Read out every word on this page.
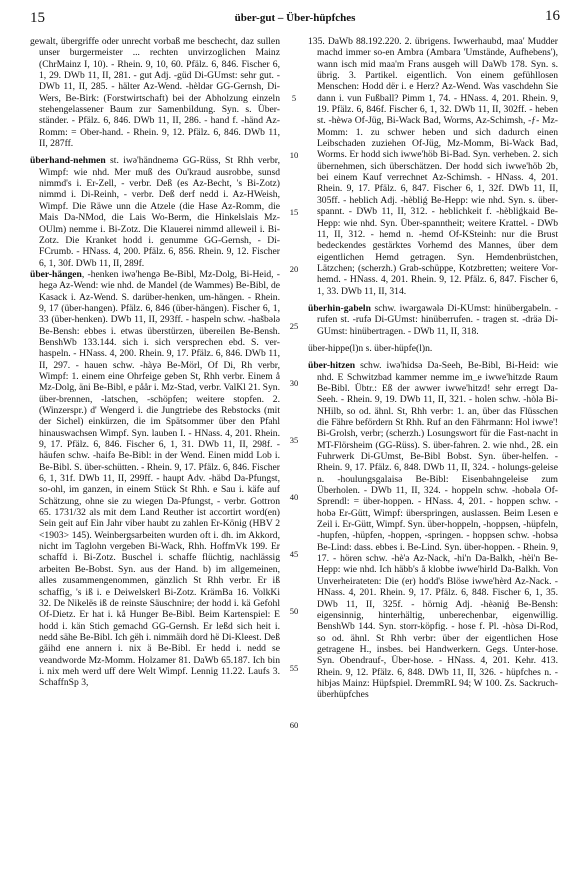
15	über-gut – Über-hüpfches	16
5
10
15
20
25
30
35
40
45
50
55
60

gewalt, übergriffe oder unrecht vorbaß me beschecht, daz sullen unser burgermeister ... rechten unvirzoglichen Mainz (ChrMainz I, 10). - Rhein. 9, 10, 60. Pfälz. 6, 846. Fischer 6, 1, 29. DWb 11, II, 281. - gut Adj. -güd Di-GUmst: sehr gut. - DWb 11, II, 285. - hälter Az-Wend. -hèldǝr GG-Gernsh, Di-Wers, Be-Birk: (Forstwirtschaft) bei der Abholzung einzeln stehengelassener Baum zur Samenbildung. Syn. s. Über-ständer. - Pfälz. 6, 846. DWb 11, II, 286. - hand f. -händ Az-Romm: = Ober-hand. - Rhein. 9, 12. Pfälz. 6, 846. DWb 11, II, 287ff.

überhand-nehmen st. iwǝ'händnemǝ GG-Rüss, St Rhh verbr, Wimpf: wie nhd. Mer muß des Ou'kraud ausrobbe, sunsd nimmd's i. Er-Zell, - verbr. Deß (es Az-Becht, 's Bi-Zotz) nimmd i. Di-Reinh, - verbr. Deß derf nedd i. Az-HWeish, Wimpf. Die Räwe unn die Atzele (die Hase Az-Romm, die Mais Da-NMod, die Lais Wo-Berm, die Hinkelslais Mz-OUlm) nemme i. Bi-Zotz. Die Klauerei nimmd alleweil i. Bi-Zotz. Die Kranket hodd i. genumme GG-Gernsh, - Di-FCrumb. - HNass. 4, 200. Pfälz. 6, 856. Rhein. 9, 12. Fischer 6, 1, 30f. DWb 11, II, 289f.

über-hängen, -henken iwǝ'hengǝ Be-Bibl, Mz-Dolg, Bi-Heid, -hegǝ Az-Wend: wie nhd. de Mandel (de Wammes) Be-Bibl, de Kasack i. Az-Wend. S. darüber-henken, um-hängen. - Rhein. 9, 17 (über-hangen). Pfälz. 6, 846 (über-hängen). Fischer 6, 1, 33 (über-henken). DWb 11, II, 293ff. - haspeln schw. -hašbǝlǝ Be-Bensh: ebbes i. etwas überstürzen, übereilen Be-Bensh. BenshWb 133.144. sich i. sich versprechen ebd. S. ver-haspeln. - HNass. 4, 200. Rhein. 9, 17. Pfälz. 6, 846. DWb 11, II, 297. - hauen schw. -hàyǝ Be-Mörl, Of Di, Rh verbr, Wimpf: 1. einem eine Ohrfeige geben St, Rhh verbr. Einem å Mz-Dolg, äni Be-Bibl, e påår i. Mz-Stad, verbr. ValKl 21. Syn. über-brennen, -latschen, -schöpfen; weitere stopfen. 2. (Winzerspr.) d' Wengerd i. die Jungtriebe des Rebstocks (mit der Sichel) einkürzen, die im Spätsommer über den Pfahl hinauswachsen Wimpf. Syn. lauben I. - HNass. 4, 201. Rhein. 9, 17. Pfälz. 6, 846. Fischer 6, 1, 31. DWb 11, II, 298f. - häufen schw. -haifǝ Be-Bibl: in der Wend. Einen midd Lob i. Be-Bibl. S. über-schütten. - Rhein. 9, 17. Pfälz. 6, 846. Fischer 6, 1, 31f. DWb 11, II, 299ff. - haupt Adv. -häbd Da-Pfungst, so-ohl, im ganzen, in einem Stück St Rhh. e Sau i. käfe auf Schätzung, ohne sie zu wiegen Da-Pfungst, - verbr. Gottron 65. 1731/32 als mit dem Land Reuther ist accortirt word(en) Sein geit auf Ein Jahr viber haubt zu zahlen Er-König (HBV 2 <1903> 145). Weinbergsarbeiten wurden oft i. dh. im Akkord, nicht im Taglohn vergeben Bi-Wack, Rhh. HoffmVk 199. Er schaffd i. Bi-Zotz. Buschel i. schaffe flüchtig, nachlässig arbeiten Be-Bobst. Syn. aus der Hand. b) im allgemeinen, alles zusammengenommen, gänzlich St Rhh verbr. Er iß schaffig, 's iß i. e Deiwelskerl Bi-Zotz. KrämBa 16. VolkKi 32. De Nikelës iß de reinste Säuschnire; der hodd i. kä Gefohl Of-Dietz. Er hat i. kå Hunger Be-Bibl. Beim Kartenspiel: E hodd i. kän Stich gemachd GG-Gernsh. Er leßd sich heit i. nedd sähe Be-Bibl. Ich gëh i. nimmäih dord hë Di-Kleest. Deß gäihd ene annern i. nix ä Be-Bibl. Er hedd i. nedd se veandworde Mz-Momm. Holzamer 81. DaWb 65.187. Ich bin i. nix meh werd uff dere Welt Wimpf. Lennig 11.22. Laufs 3. SchaffnSp 3,

135. DaWb 88.192.220. 2. übrigens. Iwwerhaubd, maa' Mudder machd immer so-en Ambra (Ambara 'Umstände, Aufhebens'), wann isch mid maa'm Frans ausgeh will DaWb 178. Syn. s. übrig. 3. Partikel. eigentlich. Von einem gefühllosen Menschen: Hodd dër i. e Herz? Az-Wend. Was vaschdehn Sie dann i. vun Fußball? Pimm 1, 74. - HNass. 4, 201. Rhein. 9, 19. Pfälz. 6, 846f. Fischer 6, 1, 32. DWb 11, II, 302ff. - heben st. -hèwǝ Of-Jüg, Bi-Wack Bad, Worms, Az-Schimsh, -ƒ- Mz-Momm: 1. zu schwer heben und sich dadurch einen Leibschaden zuziehen Of-Jüg, Mz-Momm, Bi-Wack Bad, Worms. Er hodd sich iwwe'höb Bi-Bad. Syn. verheben. 2. sich übernehmen, sich überschätzen. Der hodd sich iwwe'höb 2b, bei einem Kauf verrechnet Az-Schimsh. - HNass. 4, 201. Rhein. 9, 17. Pfälz. 6, 847. Fischer 6, 1, 32f. DWb 11, II, 305ff. - heblich Adj. -hèbliǵ Be-Hepp: wie nhd. Syn. s. über-spannt. - DWb 11, II, 312. - heblichkeit f. -hèbliǵkaid Be-Hepp: wie nhd. Syn. Über-spanntheit; weitere Krattel. - DWb 11, II, 312. - hemd n. -hemd Of-KSteinh: nur die Brust bedeckendes gestärktes Vorhemd des Mannes, über dem eigentlichen Hemd getragen. Syn. Hemdenbrüstchen, Lätzchen; (scherzh.) Grab-schüppe, Kotzbretten; weitere Vor-hemd. - HNass. 4, 201. Rhein. 9, 12. Pfälz. 6, 847. Fischer 6, 1, 33. DWb 11, II, 314.

überhin-gabeln schw. iwǝrgawǝlǝ Di-KUmst: hinübergabeln. - rufen st. -rufǝ Di-GUmst: hinüberrufen. - tragen st. -dräǝ Di-GUmst: hinübertragen. - DWb 11, II, 318.

über-hippe(l)n s. über-hüpfe(l)n.

über-hitzen schw. iwǝ'hidsǝ Da-Seeh, Be-Bibl, Bi-Heid: wie nhd. E Schwitzbad kammer nemme im_e iwwe'hitzde Raum Be-Bibl. Übtr.: Eß der awwer iwwe'hitzd! sehr erregt Da-Seeh. - Rhein. 9, 19. DWb 11, II, 321. - holen schw. -hòlǝ Bi-NHilb, so od. ähnl. St, Rhh verbr: 1. an, über das Flüsschen die Fähre befördern St Rhh. Ruf an den Fährmann: Hol iwwe'! Bi-Grolsh, verbr; (scherzh.) Losungswort für die Fast-nacht in MT-Flörsheim (GG-Rüss). S. über-fahren. 2. wie nhd., 2ß. ein Fuhrwerk Di-GUmst, Be-Bibl Bobst. Syn. über-helfen. - Rhein. 9, 17. Pfälz. 6, 848. DWb 11, II, 324. - holungs-geleise n. -houlungsgalaisǝ Be-Bibl: Eisenbahngeleise zum Überholen. - DWb 11, II, 324. - hoppeln schw. -hobǝlǝ Of-Sprendl: = über-hoppen. - HNass. 4, 201. - hoppen schw. -hobǝ Er-Gütt, Wimpf: überspringen, auslassen. Beim Lesen e Zeil i. Er-Gütt, Wimpf. Syn. über-hoppeln, -hoppsen, -hüpfeln, -hupfen, -hüpfen, -hoppen, -springen. - hoppsen schw. -hobsǝ Be-Lind: dass. ebbes i. Be-Lind. Syn. über-hoppen. - Rhein. 9, 17. - hören schw. -hè'ǝ Az-Nack, -hi'n Da-Balkh, -hèi'n Be-Hepp: wie nhd. Ich häbb's å klobbe iwwe'hirld Da-Balkh. Von Unverheirateten: Die (er) hodd's Blöse iwwe'hèrd Az-Nack. - HNass. 4, 201. Rhein. 9, 17. Pfälz. 6, 848. Fischer 6, 1, 35. DWb 11, II, 325f. - hörnig Adj. -hèǝniǵ Be-Bensh: eigensinnig, hinterhältig, unberechenbar, eigenwillig. BenshWb 144. Syn. storr-köpfig. - hose f. Pl. -hòsǝ Di-Rod, so od. ähnl. St Rhh verbr: über der eigentlichen Hose getragene H., insbes. bei Handwerkern. Gegs. Unter-hose. Syn. Obendrauf-, Über-hose. - HNass. 4, 201. Kehr. 413. Rhein. 9, 12. Pfälz. 6, 848. DWb 11, II, 326. - hüpfches n. -hibjǝs Mainz: Hüpfspiel. DremmRL 94; W 100. Zs. Sackruch-überhüpfches
